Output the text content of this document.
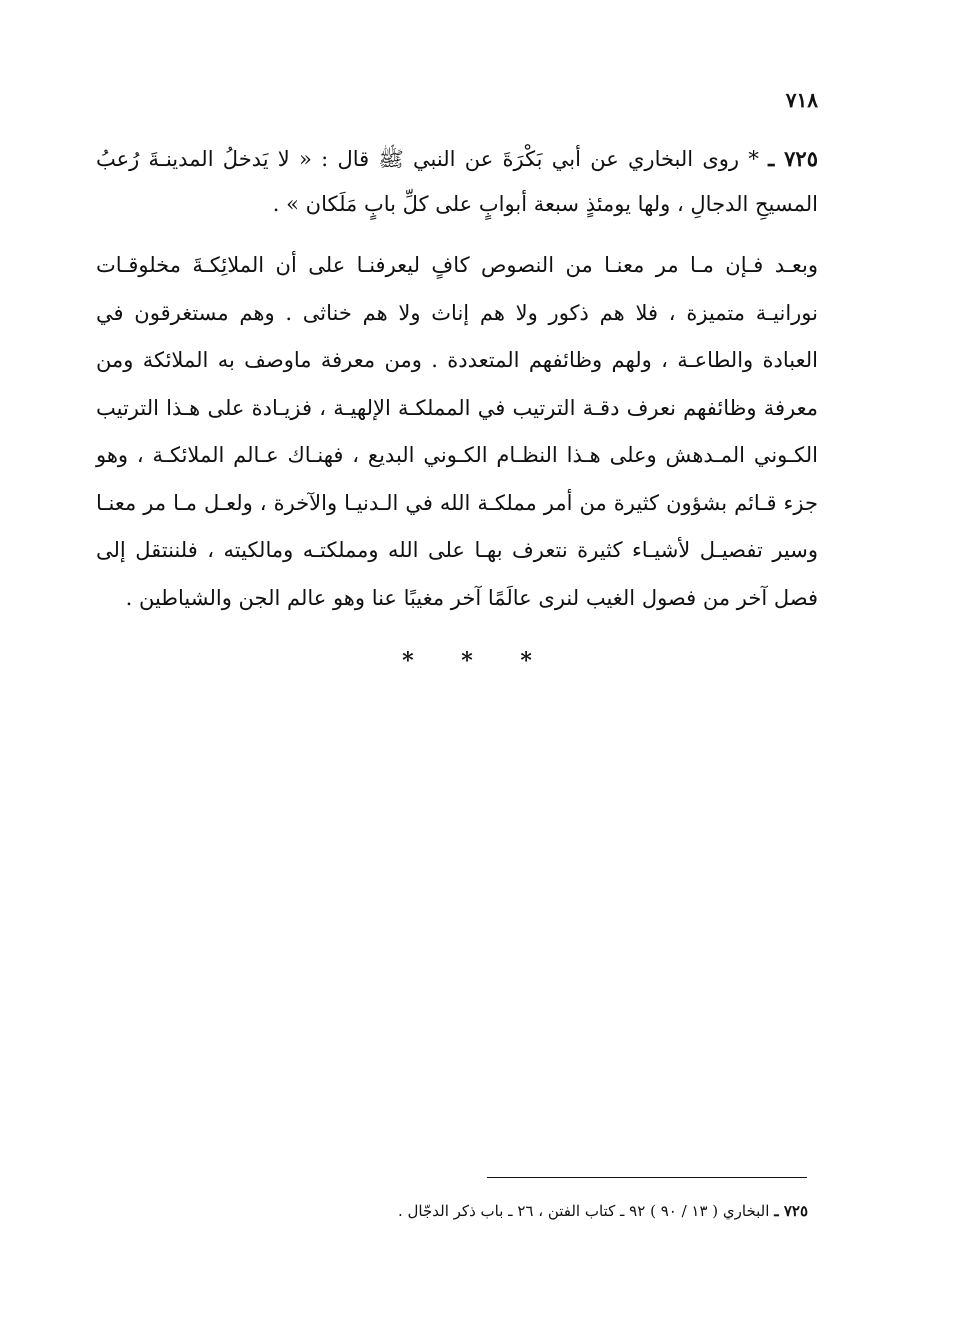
٧١٨
٧٢٥ ـ * روى البخاري عن أبي بَكْرَةَ عن النبي ﷺ قال : « لا يَدخلُ المدينـةَ رُعبُ المسيحِ الدجالِ ، ولها يومئذٍ سبعة أبوابٍ على كلِّ بابٍ مَلَكان » .
وبعـد فـإن مـا مر معنـا من النصوص كافٍ ليعرفنـا على أن الملائِكـةَ مخلوقـات نورانيـة متميزة ، فلا هم ذكور ولا هم إناث ولا هم خناثى . وهم مستغرقون في العبادة والطاعـة ، ولهم وظائفهم المتعددة . ومن معرفة ماوصف به الملائكة ومن معرفة وظائفهم نعرف دقـة الترتيب في المملكـة الإلهيـة ، فزيـادة على هـذا الترتيب الكـوني المـدهش وعلى هـذا النظـام الكـوني البديع ، فهنـاك عـالم الملائكـة ، وهو جزء قـائم بشؤون كثيرة من أمر مملكـة الله في الـدنيـا والآخرة ، ولعـل مـا مر معنـا وسير تفصيـل لأشيـاء كثيرة نتعرف بهـا على الله ومملكتـه ومالكيته ، فلننتقل إلى فصل آخر من فصول الغيب لنرى عالَمًا آخر مغيبًا عنا وهو عالم الجن والشياطين .
* * *
٧٢٥ ـ البخاري ( ١٣ / ٩٠ ) ٩٢ ـ كتاب الفتن ، ٢٦ ـ باب ذكر الدجّال .
